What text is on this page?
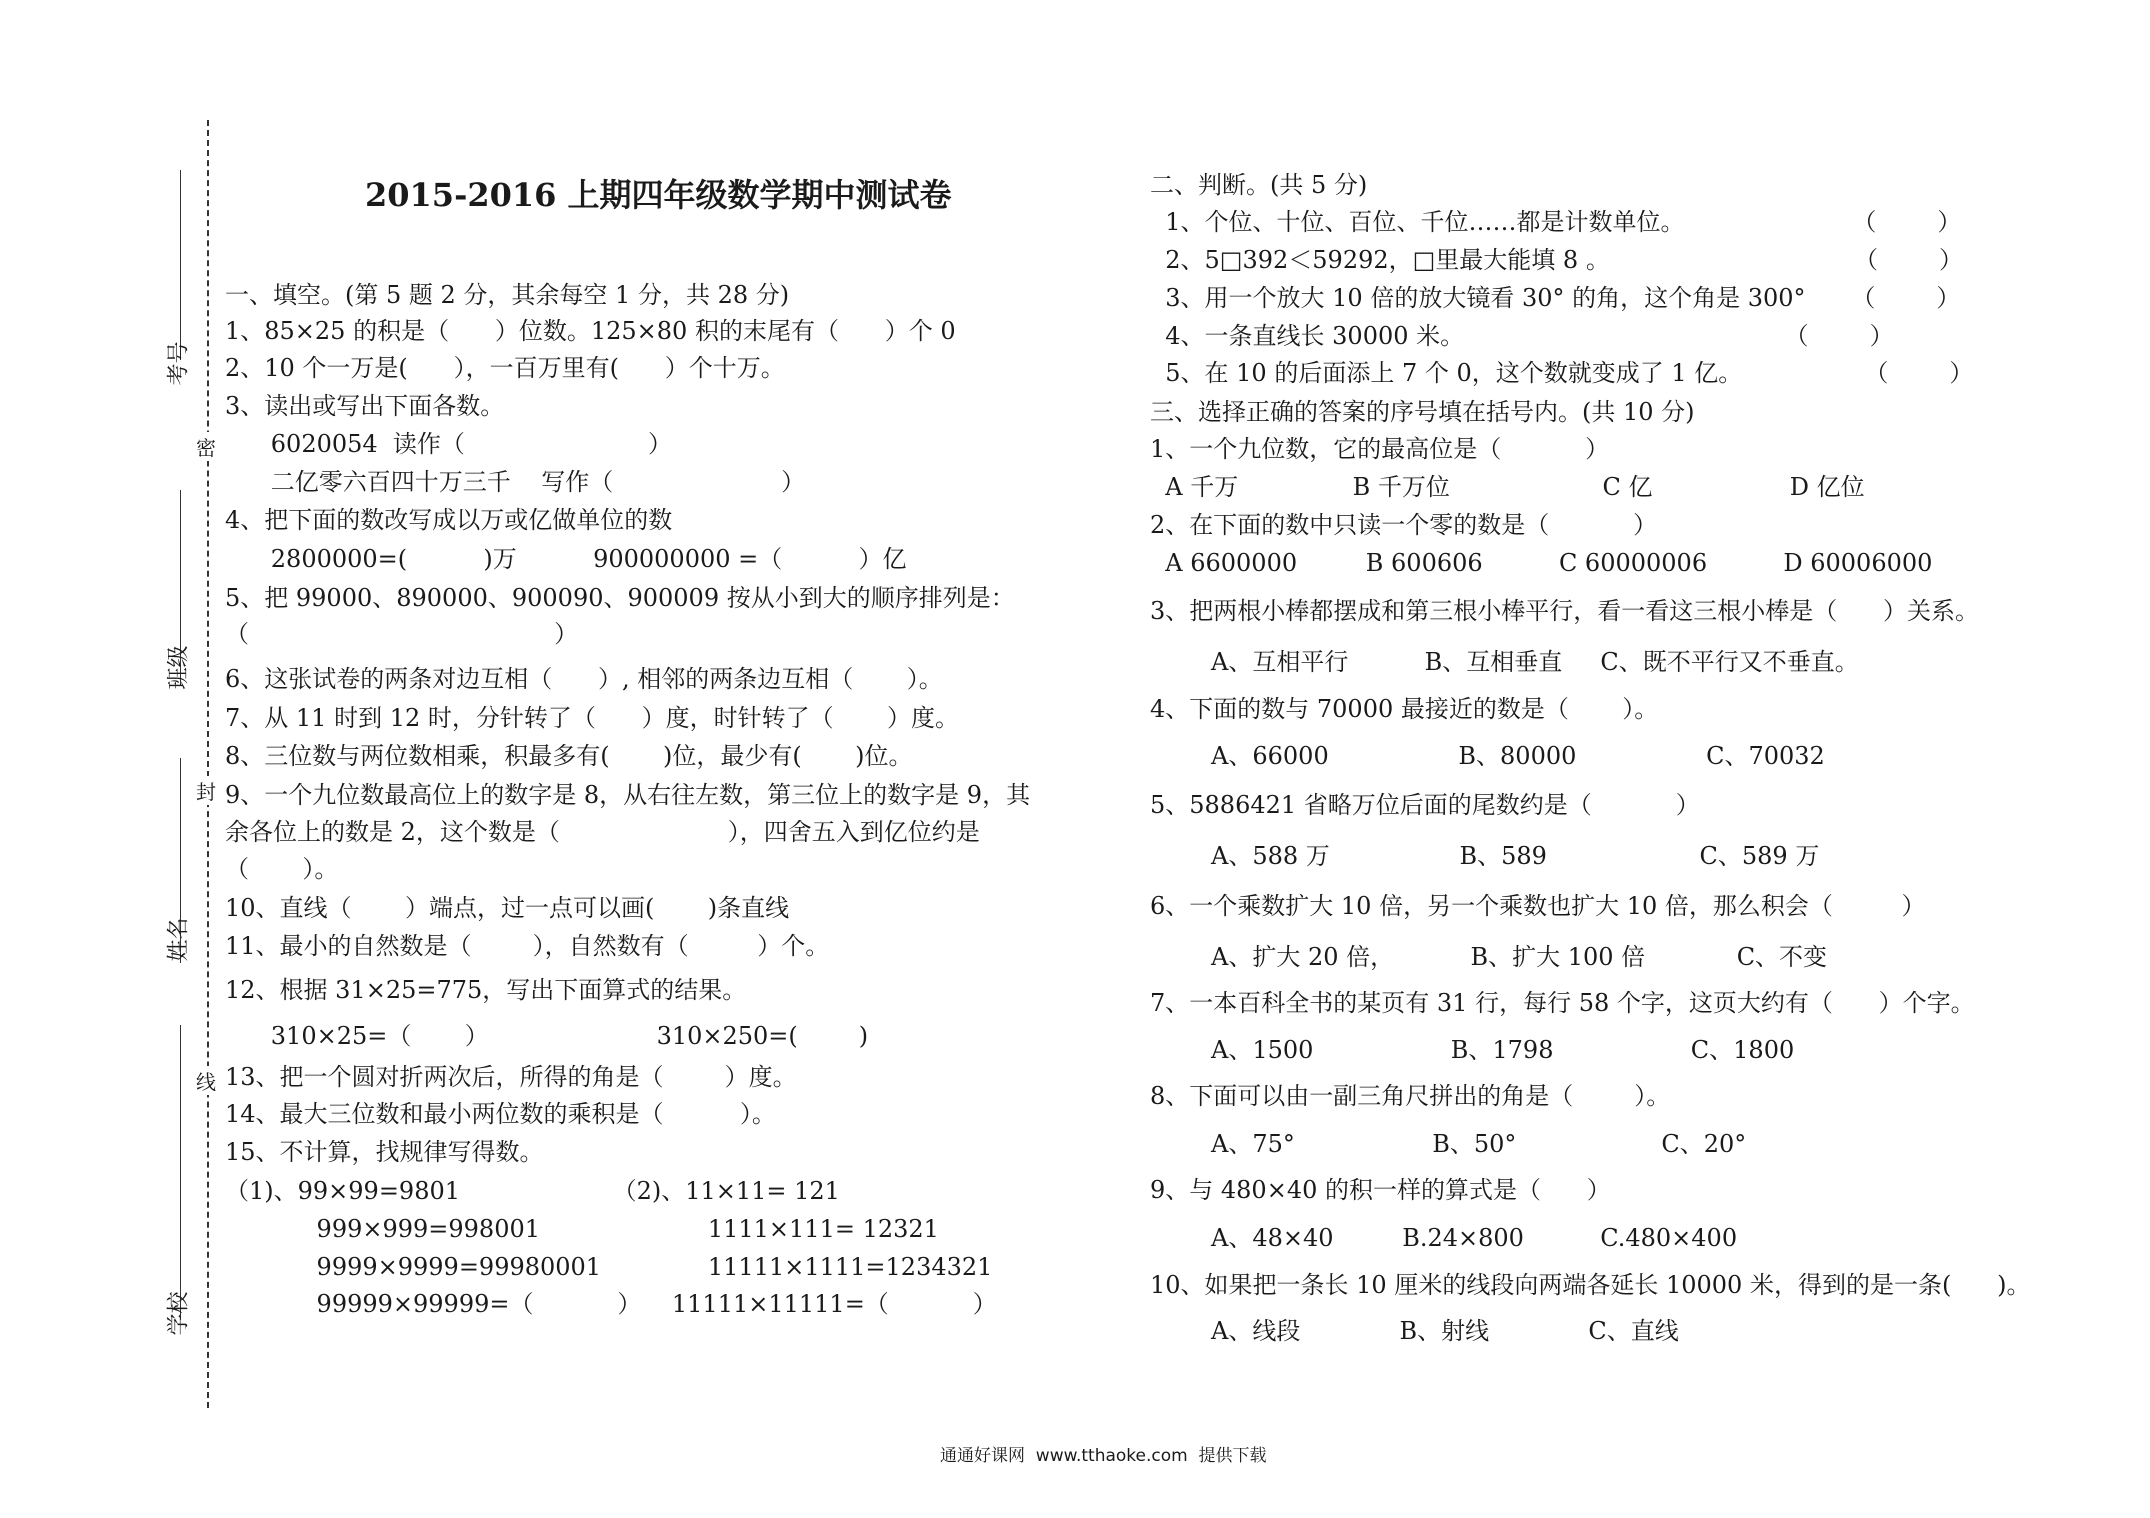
考号
班级
姓名
学校
密
封
线
2015-2016 上期四年级数学期中测试卷
一、填空。(第 5 题 2 分，其余每空 1 分，共 28 分)
1、85×25 的积是（      ）位数。125×80 积的末尾有（      ）个 0
2、10 个一万是(      ），一百万里有(      ）个十万。
3、读出或写出下面各数。
6020054  读作（                        ）
二亿零六百四十万三千    写作（                      ）
4、把下面的数改写成以万或亿做单位的数
2800000=(          )万          900000000 =（          ）亿
5、把 99000、890000、900090、900009 按从小到大的顺序排列是：
（                                        ）
6、这张试卷的两条对边互相（      ）, 相邻的两条边互相（       ）。
7、从 11 时到 12 时，分针转了（      ）度，时针转了（       ）度。
8、三位数与两位数相乘，积最多有(       )位，最少有(       )位。
9、一个九位数最高位上的数字是 8，从右往左数，第三位上的数字是 9，其
余各位上的数是 2，这个数是（                      ），四舍五入到亿位约是
（       ）。
10、直线（       ）端点，过一点可以画(       )条直线
11、最小的自然数是（        ），自然数有（         ）个。
12、根据 31×25=775，写出下面算式的结果。
310×25=（       ）                      310×250=(        )
13、把一个圆对折两次后，所得的角是（        ）度。
14、最大三位数和最小两位数的乘积是（          ）。
15、不计算，找规律写得数。
（1)、99×99=9801                    （2)、11×11= 121
999×999=998001                      1111×111= 12321
9999×9999=99980001              11111×1111=1234321
99999×99999=（           ）    11111×11111=（           ）
二、判断。(共 5 分)
1、个位、十位、百位、千位……都是计数单位。                      （        ）
2、5□392＜59292，□里最大能填 8 。                                （        ）
3、用一个放大 10 倍的放大镜看 30° 的角，这个角是 300°      （        ）
4、一条直线长 30000 米。                                          （        ）
5、在 10 的后面添上 7 个 0，这个数就变成了 1 亿。                （        ）
三、选择正确的答案的序号填在括号内。(共 10 分)
1、一个九位数，它的最高位是（           ）
A 千万               B 千万位                    C 亿                  D 亿位
2、在下面的数中只读一个零的数是（           ）
A 6600000         B 600606          C 60000006          D 60006000
3、把两根小棒都摆成和第三根小棒平行，看一看这三根小棒是（      ）关系。
A、互相平行          B、互相垂直     C、既不平行又不垂直。
4、下面的数与 70000 最接近的数是（       ）。
A、66000                 B、80000                 C、70032
5、5886421 省略万位后面的尾数约是（           ）
A、588 万                 B、589                    C、589 万
6、一个乘数扩大 10 倍，另一个乘数也扩大 10 倍，那么积会（         ）
A、扩大 20 倍，          B、扩大 100 倍            C、不变
7、一本百科全书的某页有 31 行，每行 58 个字，这页大约有（      ）个字。
A、1500                  B、1798                  C、1800
8、下面可以由一副三角尺拼出的角是（        ）。
A、75°                  B、50°                   C、20°
9、与 480×40 的积一样的算式是（      ）
A、48×40         B.24×800          C.480×400
10、如果把一条长 10 厘米的线段向两端各延长 10000 米，得到的是一条(      )。
A、线段             B、射线             C、直线
通通好课网  www.tthaoke.com  提供下载
